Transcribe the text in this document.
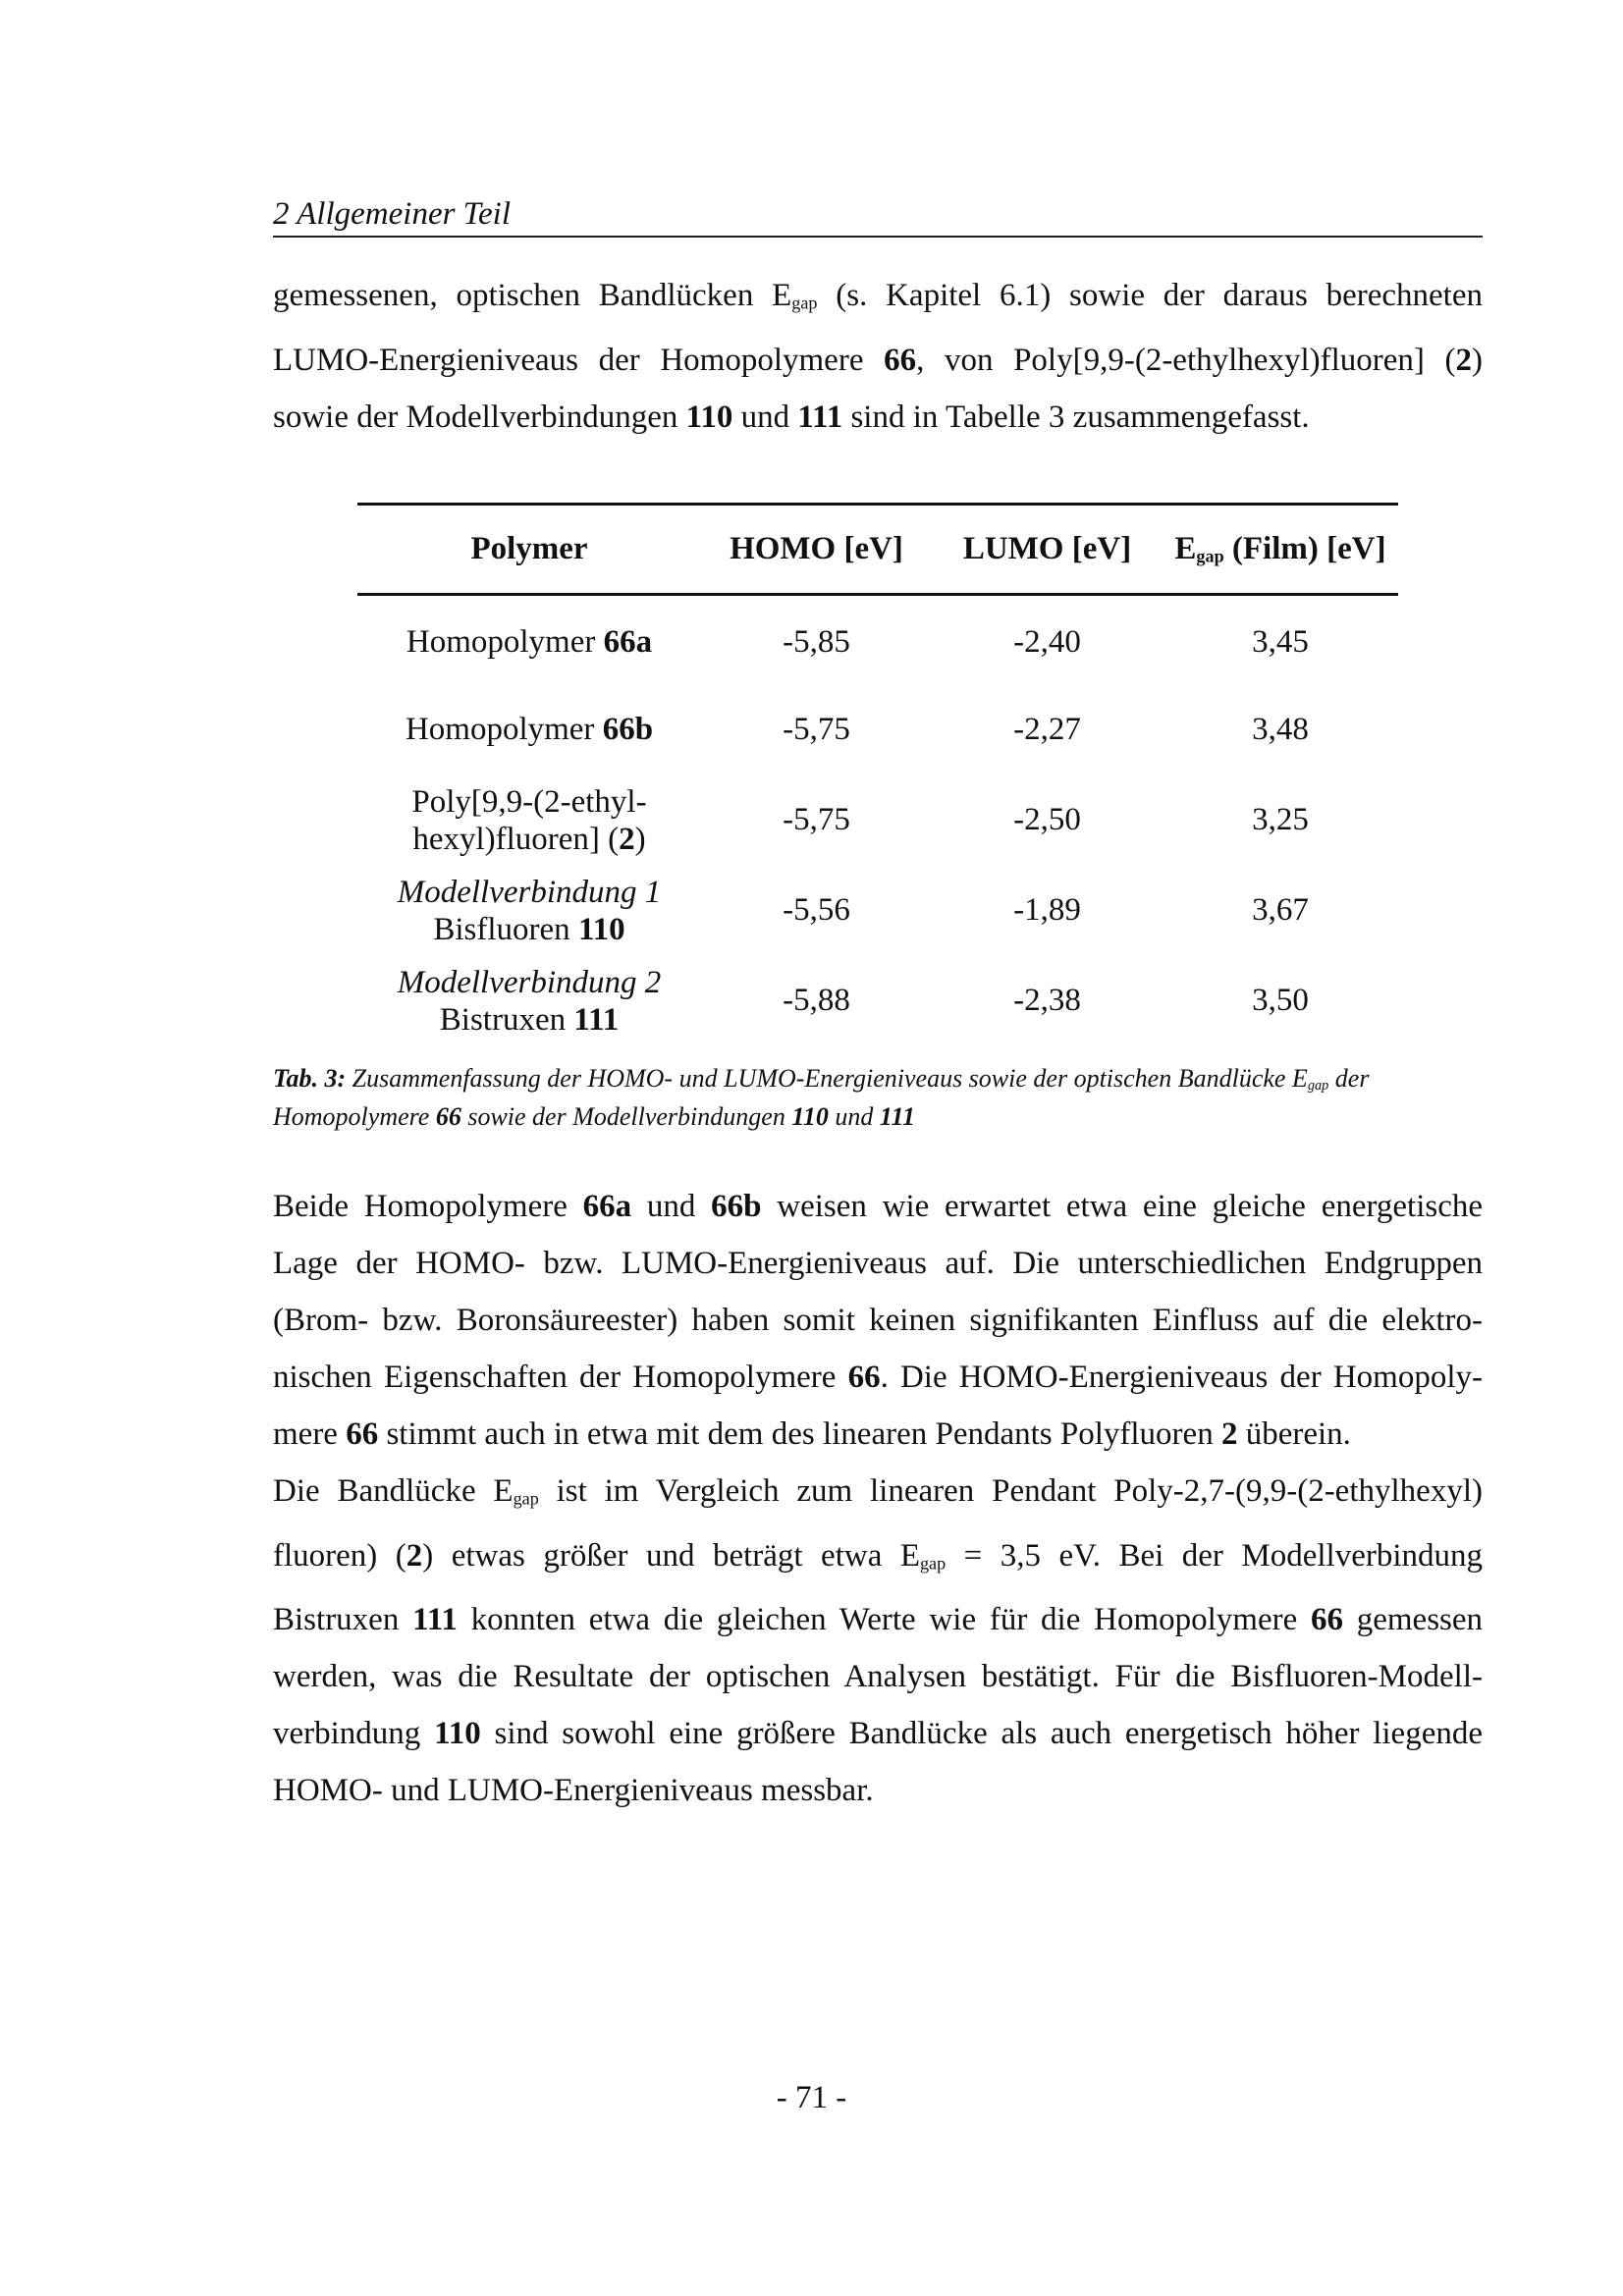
2 Allgemeiner Teil
gemessenen, optischen Bandlücken $E_{gap}$ (s. Kapitel 6.1) sowie der daraus berechneten
LUMO-Energieniveaus der Homopolymere 66, von Poly[9,9-(2-ethylhexyl)fluoren] (2)
sowie der Modellverbindungen 110 und 111 sind in Tabelle 3 zusammengefasst.
Polymer	HOMO [eV]	LUMO [eV]	$E_{gap}$ (Film) [eV]
Homopolymer 66a	-5,85	-2,40	3,45
Homopolymer 66b	-5,75	-2,27	3,48
Poly[9,9-(2-ethyl-
hexyl)fluoren] (2)	-5,75	-2,50	3,25
Modellverbindung 1
Bisfluoren 110	-5,56	-1,89	3,67
Modellverbindung 2
Bistruxen 111	-5,88	-2,38	3,50
Tab. 3: Zusammenfassung der HOMO- und LUMO-Energieniveaus sowie der optischen Bandlücke Egap der
Homopolymere 66 sowie der Modellverbindungen 110 und 111
Beide Homopolymere 66a und 66b weisen wie erwartet etwa eine gleiche energetische
Lage der HOMO- bzw. LUMO-Energieniveaus auf. Die unterschiedlichen Endgruppen
(Brom- bzw. Boronsäureester) haben somit keinen signifikanten Einfluss auf die elektro-
nischen Eigenschaften der Homopolymere 66. Die HOMO-Energieniveaus der Homopoly-
mere 66 stimmt auch in etwa mit dem des linearen Pendants Polyfluoren 2 überein.
Die Bandlücke $E_{gap}$ ist im Vergleich zum linearen Pendant Poly-2,7-(9,9-(2-ethylhexyl)
fluoren) (2) etwas größer und beträgt etwa $E_{gap} = 3,5$ eV. Bei der Modellverbindung
Bistruxen 111 konnten etwa die gleichen Werte wie für die Homopolymere 66 gemessen
werden, was die Resultate der optischen Analysen bestätigt. Für die Bisfluoren-Modell-
verbindung 110 sind sowohl eine größere Bandlücke als auch energetisch höher liegende
HOMO- und LUMO-Energieniveaus messbar.
- 71 -
